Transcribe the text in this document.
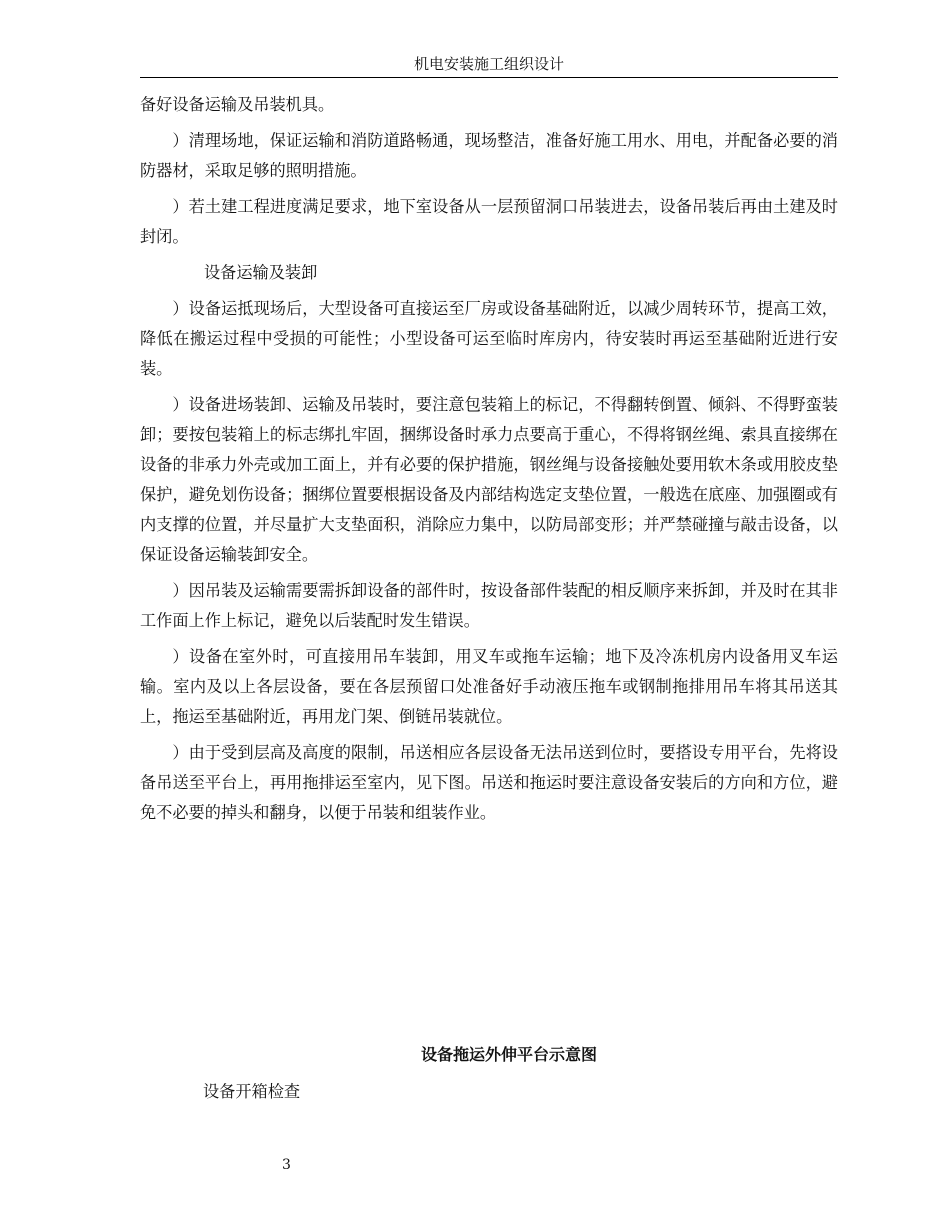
机电安装施工组织设计

备好设备运输及吊装机具。

）清理场地，保证运输和消防道路畅通，现场整洁，准备好施工用水、用电，并配备必要的消防器材，采取足够的照明措施。

）若土建工程进度满足要求，地下室设备从一层预留洞口吊装进去，设备吊装后再由土建及时封闭。

设备运输及装卸

）设备运抵现场后，大型设备可直接运至厂房或设备基础附近，以减少周转环节，提高工效，降低在搬运过程中受损的可能性；小型设备可运至临时库房内，待安装时再运至基础附近进行安装。

）设备进场装卸、运输及吊装时，要注意包装箱上的标记，不得翻转倒置、倾斜、不得野蛮装卸；要按包装箱上的标志绑扎牢固，捆绑设备时承力点要高于重心，不得将钢丝绳、索具直接绑在设备的非承力外壳或加工面上，并有必要的保护措施，钢丝绳与设备接触处要用软木条或用胶皮垫保护，避免划伤设备；捆绑位置要根据设备及内部结构选定支垫位置，一般选在底座、加强圈或有内支撑的位置，并尽量扩大支垫面积，消除应力集中，以防局部变形；并严禁碰撞与敲击设备，以保证设备运输装卸安全。

）因吊装及运输需要需拆卸设备的部件时，按设备部件装配的相反顺序来拆卸，并及时在其非工作面上作上标记，避免以后装配时发生错误。

）设备在室外时，可直接用吊车装卸，用叉车或拖车运输；地下及冷冻机房内设备用叉车运输。室内及以上各层设备，要在各层预留口处准备好手动液压拖车或钢制拖排用吊车将其吊送其上，拖运至基础附近，再用龙门架、倒链吊装就位。

）由于受到层高及高度的限制，吊送相应各层设备无法吊送到位时，要搭设专用平台，先将设备吊送至平台上，再用拖排运至室内，见下图。吊送和拖运时要注意设备安装后的方向和方位，避免不必要的掉头和翻身，以便于吊装和组装作业。

设备拖运外伸平台示意图
设备开箱检查
3
